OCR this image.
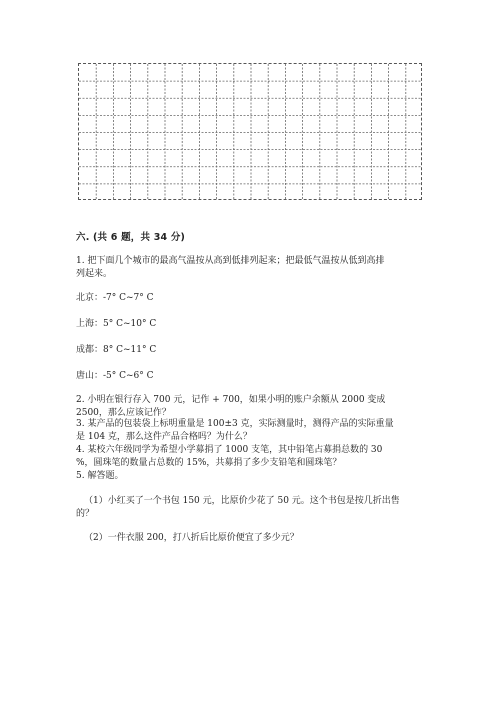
六. (共 6 题，共 34 分)
1. 把下面几个城市的最高气温按从高到低排列起来；把最低气温按从低到高排
列起来。
北京：-7° C~7° C
上海：5° C~10° C
成都：8° C~11° C
唐山：-5° C~6° C
2. 小明在银行存入 700 元，记作 + 700，如果小明的账户余额从 2000 变成
2500，那么应该记作？
3. 某产品的包装袋上标明重量是 100±3 克，实际测量时，测得产品的实际重量
是 104 克，那么这件产品合格吗？为什么？
4. 某校六年级同学为希望小学募捐了 1000 支笔，其中铅笔占募捐总数的 30
%，圆珠笔的数量占总数的 15%，共募捐了多少支铅笔和圆珠笔？
5. 解答题。
（1）小红买了一个书包 150 元，比原价少花了 50 元。这个书包是按几折出售
的？
（2）一件衣服 200，打八折后比原价便宜了多少元？
